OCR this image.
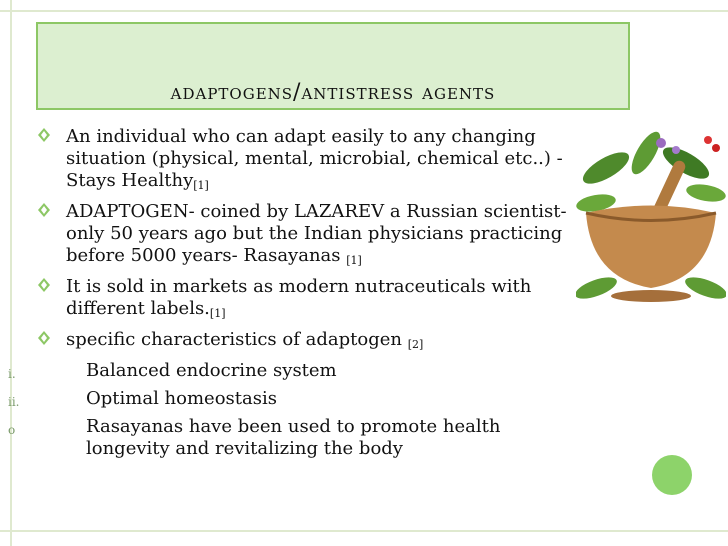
adaptogens/antistress agents
An individual who can adapt easily to any changing situation (physical, mental, microbial, chemical etc..) -Stays Healthy[1]
ADAPTOGEN- coined by LAZAREV a Russian scientist- only 50 years ago but the Indian physicians practicing before 5000 years- Rasayanas [1]
It is sold in markets as modern nutraceuticals with different labels.[1]
specific characteristics of adaptogen [2]
i.	Balanced endocrine system
ii.	Optimal homeostasis
o	Rasayanas have been used to promote health longevity and revitalizing the body
